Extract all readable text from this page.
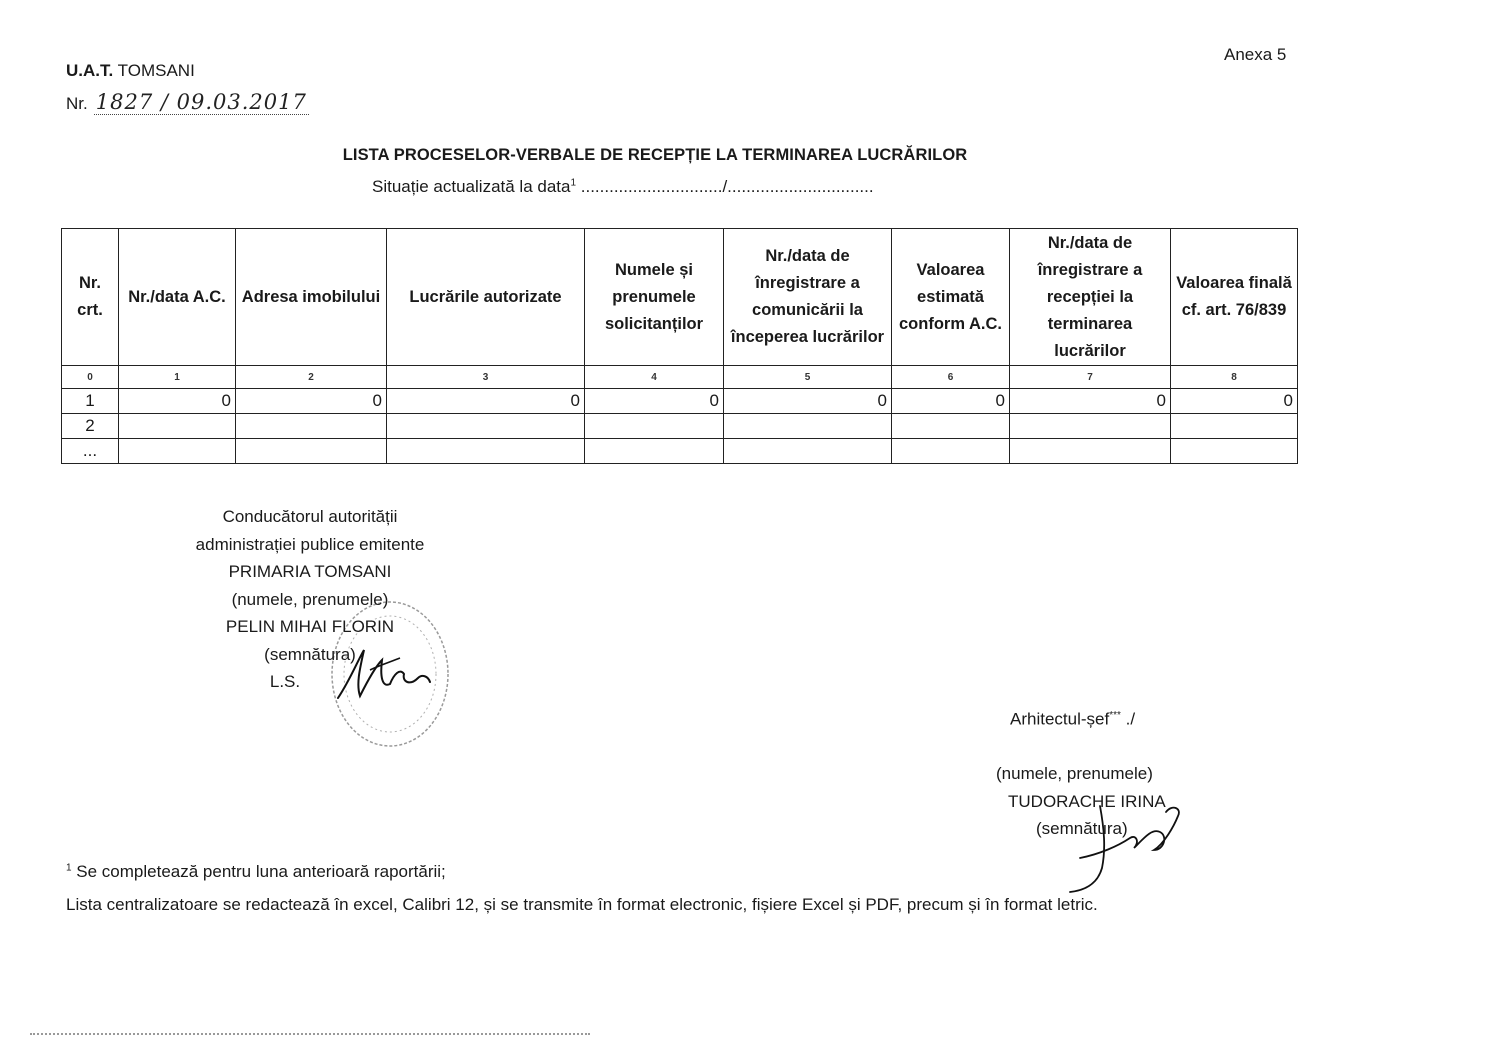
Anexa 5
U.A.T. TOMSANI
Nr. 1827 / 09.03.2017
LISTA PROCESELOR-VERBALE DE RECEPȚIE LA TERMINAREA LUCRĂRILOR
Situație actualizată la data$^1$ ............................../...............................
Nr. crt.	Nr./data A.C.	Adresa imobilului	Lucrările autorizate	Numele și prenumele solicitanților	Nr./data de înregistrare a comunicării la începerea lucrărilor	Valoarea estimată conform A.C.	Nr./data de înregistrare a recepției la terminarea lucrărilor	Valoarea finală cf. art. 76/839
0	1	2	3	4	5	6	7	8
1	0	0	0	0	0	0	0	0
2								
...								
Conducătorul autorității
administrației publice emitente
PRIMARIA TOMSANI
(numele, prenumele)
PELIN MIHAI FLORIN
(semnătura)
L.S.
Arhitectul-șef*** ./
(numele, prenumele)
TUDORACHE IRINA
(semnătura)
$^1$ Se completează pentru luna anterioară raportării;
Lista centralizatoare se redactează în excel, Calibri 12, și se transmite în format electronic, fișiere Excel și PDF, precum și în format letric.
